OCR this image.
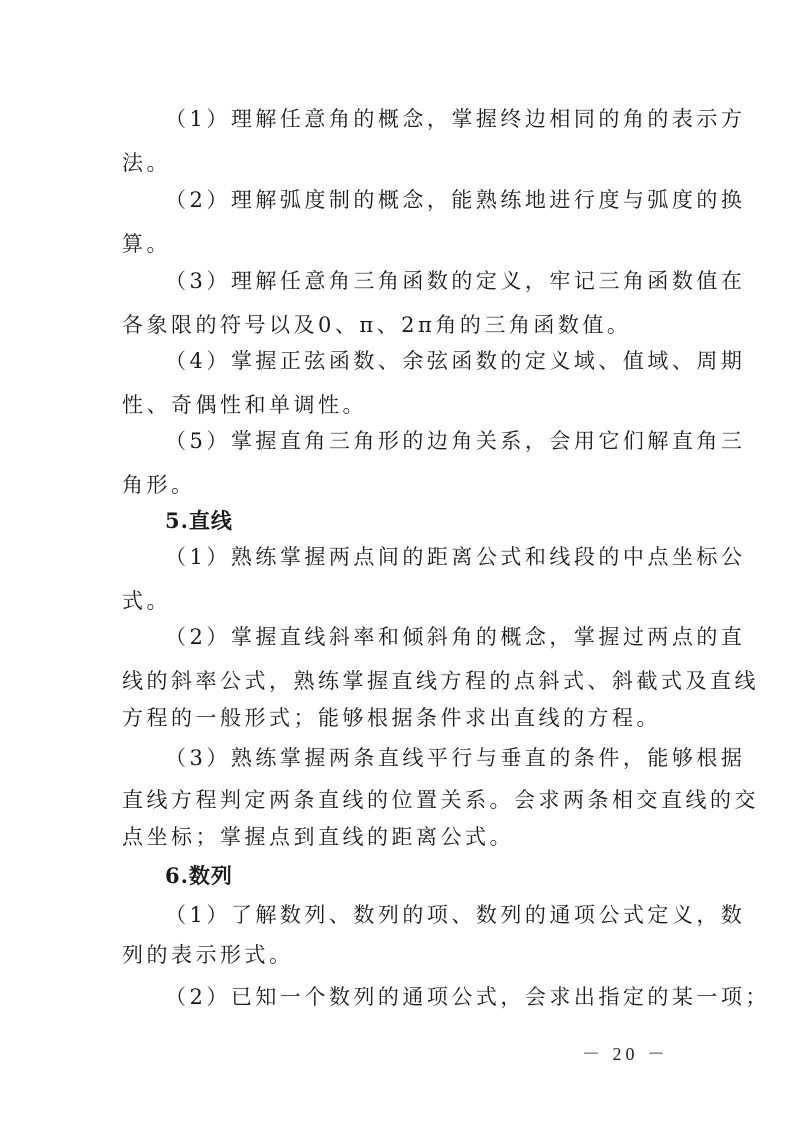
（1）理解任意角的概念，掌握终边相同的角的表示方
法。
（2）理解弧度制的概念，能熟练地进行度与弧度的换
算。
（3）理解任意角三角函数的定义，牢记三角函数值在
各象限的符号以及0、π、2π角的三角函数值。
（4）掌握正弦函数、余弦函数的定义域、值域、周期
性、奇偶性和单调性。
（5）掌握直角三角形的边角关系，会用它们解直角三
角形。
5.直线
（1）熟练掌握两点间的距离公式和线段的中点坐标公
式。
（2）掌握直线斜率和倾斜角的概念，掌握过两点的直
线的斜率公式，熟练掌握直线方程的点斜式、斜截式及直线
方程的一般形式；能够根据条件求出直线的方程。
（3）熟练掌握两条直线平行与垂直的条件，能够根据
直线方程判定两条直线的位置关系。会求两条相交直线的交
点坐标；掌握点到直线的距离公式。
6.数列
（1）了解数列、数列的项、数列的通项公式定义，数
列的表示形式。
（2）已知一个数列的通项公式，会求出指定的某一项；
－ 20 －
